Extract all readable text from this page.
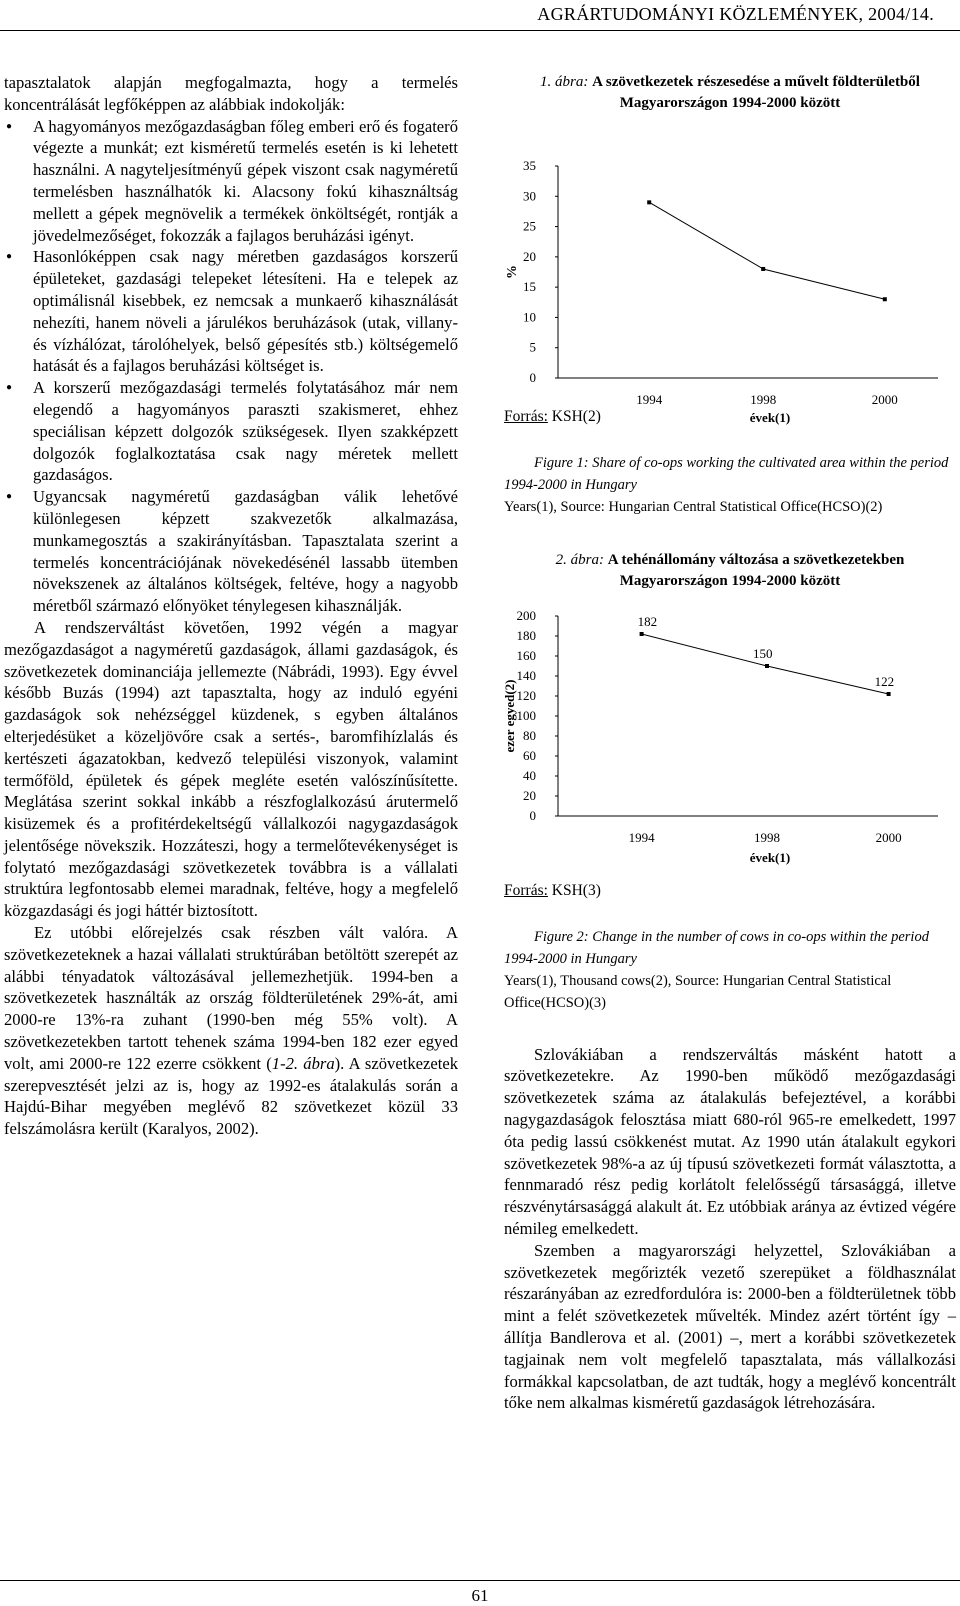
AGRÁRTUDOMÁNYI KÖZLEMÉNYEK, 2004/14.

tapasztalatok alapján megfogalmazta, hogy a termelés koncentrálását legfőképpen az alábbiak indokolják:

● A hagyományos mezőgazdaságban főleg emberi erő és fogaterő végezte a munkát; ezt kisméretű termelés esetén is ki lehetett használni. A nagyteljesítményű gépek viszont csak nagyméretű termelésben használhatók ki. Alacsony fokú kihasználtság mellett a gépek megnövelik a termékek önköltségét, rontják a jövedelmezőséget, fokozzák a fajlagos beruházási igényt.
● Hasonlóképpen csak nagy méretben gazdaságos korszerű épületeket, gazdasági telepeket létesíteni. Ha e telepek az optimálisnál kisebbek, ez nemcsak a munkaerő kihasználását nehezíti, hanem növeli a járulékos beruházások (utak, villany- és vízhálózat, tárolóhelyek, belső gépesítés stb.) költségemelő hatását és a fajlagos beruházási költséget is.
● A korszerű mezőgazdasági termelés folytatásához már nem elegendő a hagyományos paraszti szakismeret, ehhez speciálisan képzett dolgozók szükségesek. Ilyen szakképzett dolgozók foglalkoztatása csak nagy méretek mellett gazdaságos.
● Ugyancsak nagyméretű gazdaságban válik lehetővé különlegesen képzett szakvezetők alkalmazása, munkamegosztás a szakirányításban. Tapasztalata szerint a termelés koncentrációjának növekedésénél lassabb ütemben növekszenek az általános költségek, feltéve, hogy a nagyobb méretből származó előnyöket ténylegesen kihasználják.

A rendszerváltást követően, 1992 végén a magyar mezőgazdaságot a nagyméretű gazdaságok, állami gazdaságok, és szövetkezetek dominanciája jellemezte (Nábrádi, 1993). Egy évvel később Buzás (1994) azt tapasztalta, hogy az induló egyéni gazdaságok sok nehézséggel küzdenek, s egyben általános elterjedésüket a közeljövőre csak a sertés-, baromfihízlalás és kertészeti ágazatokban, kedvező települési viszonyok, valamint termőföld, épületek és gépek megléte esetén valószínűsítette. Meglátása szerint sokkal inkább a részfoglalkozású árutermelő kisüzemek és a profitérdekeltségű vállalkozói nagygazdaságok jelentősége növekszik. Hozzáteszi, hogy a termelőtevékenységet is folytató mezőgazdasági szövetkezetek továbbra is a vállalati struktúra legfontosabb elemei maradnak, feltéve, hogy a megfelelő közgazdasági és jogi háttér biztosított.

Ez utóbbi előrejelzés csak részben vált valóra. A szövetkezeteknek a hazai vállalati struktúrában betöltött szerepét az alábbi tényadatok változásával jellemezhetjük. 1994-ben a szövetkezetek használták az ország földterületének 29%-át, ami 2000-re 13%-ra zuhant (1990-ben még 55% volt). A szövetkezetekben tartott tehenek száma 1994-ben 182 ezer egyed volt, ami 2000-re 122 ezerre csökkent (1-2. ábra). A szövetkezetek szerepvesztését jelzi az is, hogy az 1992-es átalakulás során a Hajdú-Bihar megyében meglévő 82 szövetkezet közül 33 felszámolásra került (Karalyos, 2002).

1. ábra: A szövetkezetek részesedése a művelt földterületből Magyarországon 1994-2000 között
0
5
10
15
20
25
30
35
1994	1998	2000
évek(1)
%
Forrás: KSH(2)
Figure 1: Share of co-ops working the cultivated area within the period 1994-2000 in Hungary
Years(1), Source: Hungarian Central Statistical Office(HCSO)(2)
2. ábra: A tehénállomány változása a szövetkezetekben Magyarországon 1994-2000 között
0
20
40
60
80
100
120
140
160
180
200
1994	1998	2000
évek(1)
ezer egyed(2)
182
150
122
Forrás: KSH(3)
Figure 2: Change in the number of cows in co-ops within the period 1994-2000 in Hungary
Years(1), Thousand cows(2), Source: Hungarian Central Statistical Office(HCSO)(3)

Szlovákiában a rendszerváltás másként hatott a szövetkezetekre. Az 1990-ben működő mezőgazdasági szövetkezetek száma az átalakulás befejeztével, a korábbi nagygazdaságok felosztása miatt 680-ról 965-re emelkedett, 1997 óta pedig lassú csökkenést mutat. Az 1990 után átalakult egykori szövetkezetek 98%-a az új típusú szövetkezeti formát választotta, a fennmaradó rész pedig korlátolt felelősségű társasággá, illetve részvénytársasággá alakult át. Ez utóbbiak aránya az évtized végére némileg emelkedett.

Szemben a magyarországi helyzettel, Szlovákiában a szövetkezetek megőrizték vezető szerepüket a földhasználat részarányában az ezredfordulóra is: 2000-ben a földterületnek több mint a felét szövetkezetek művelték. Mindez azért történt így – állítja Bandlerova et al. (2001) –, mert a korábbi szövetkezetek tagjainak nem volt megfelelő tapasztalata, más vállalkozási formákkal kapcsolatban, de azt tudták, hogy a meglévő koncentrált tőke nem alkalmas kisméretű gazdaságok létrehozására.

61
